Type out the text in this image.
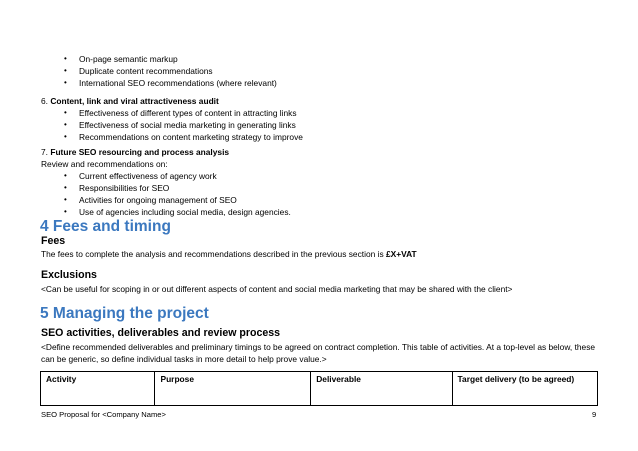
• On-page semantic markup
• Duplicate content recommendations
• International SEO recommendations (where relevant)
6. Content, link and viral attractiveness audit
• Effectiveness of different types of content in attracting links
• Effectiveness of social media marketing in generating links
• Recommendations on content marketing strategy to improve
7. Future SEO resourcing and process analysis
Review and recommendations on:
• Current effectiveness of agency work
• Responsibilities for SEO
• Activities for ongoing management of SEO
• Use of agencies including social media, design agencies.
4 Fees and timing
Fees
The fees to complete the analysis and recommendations described in the previous section is £X+VAT
Exclusions
<Can be useful for scoping in or out different aspects of content and social media marketing that may be shared with the client>
5 Managing the project
SEO activities, deliverables and review process
<Define recommended deliverables and preliminary timings to be agreed on contract completion. This table of activities. At a top-level as below, these can be generic, so define individual tasks in more detail to help prove value.>
Activity	Purpose	Deliverable	Target delivery (to be agreed)
SEO Proposal for <Company Name>	9
